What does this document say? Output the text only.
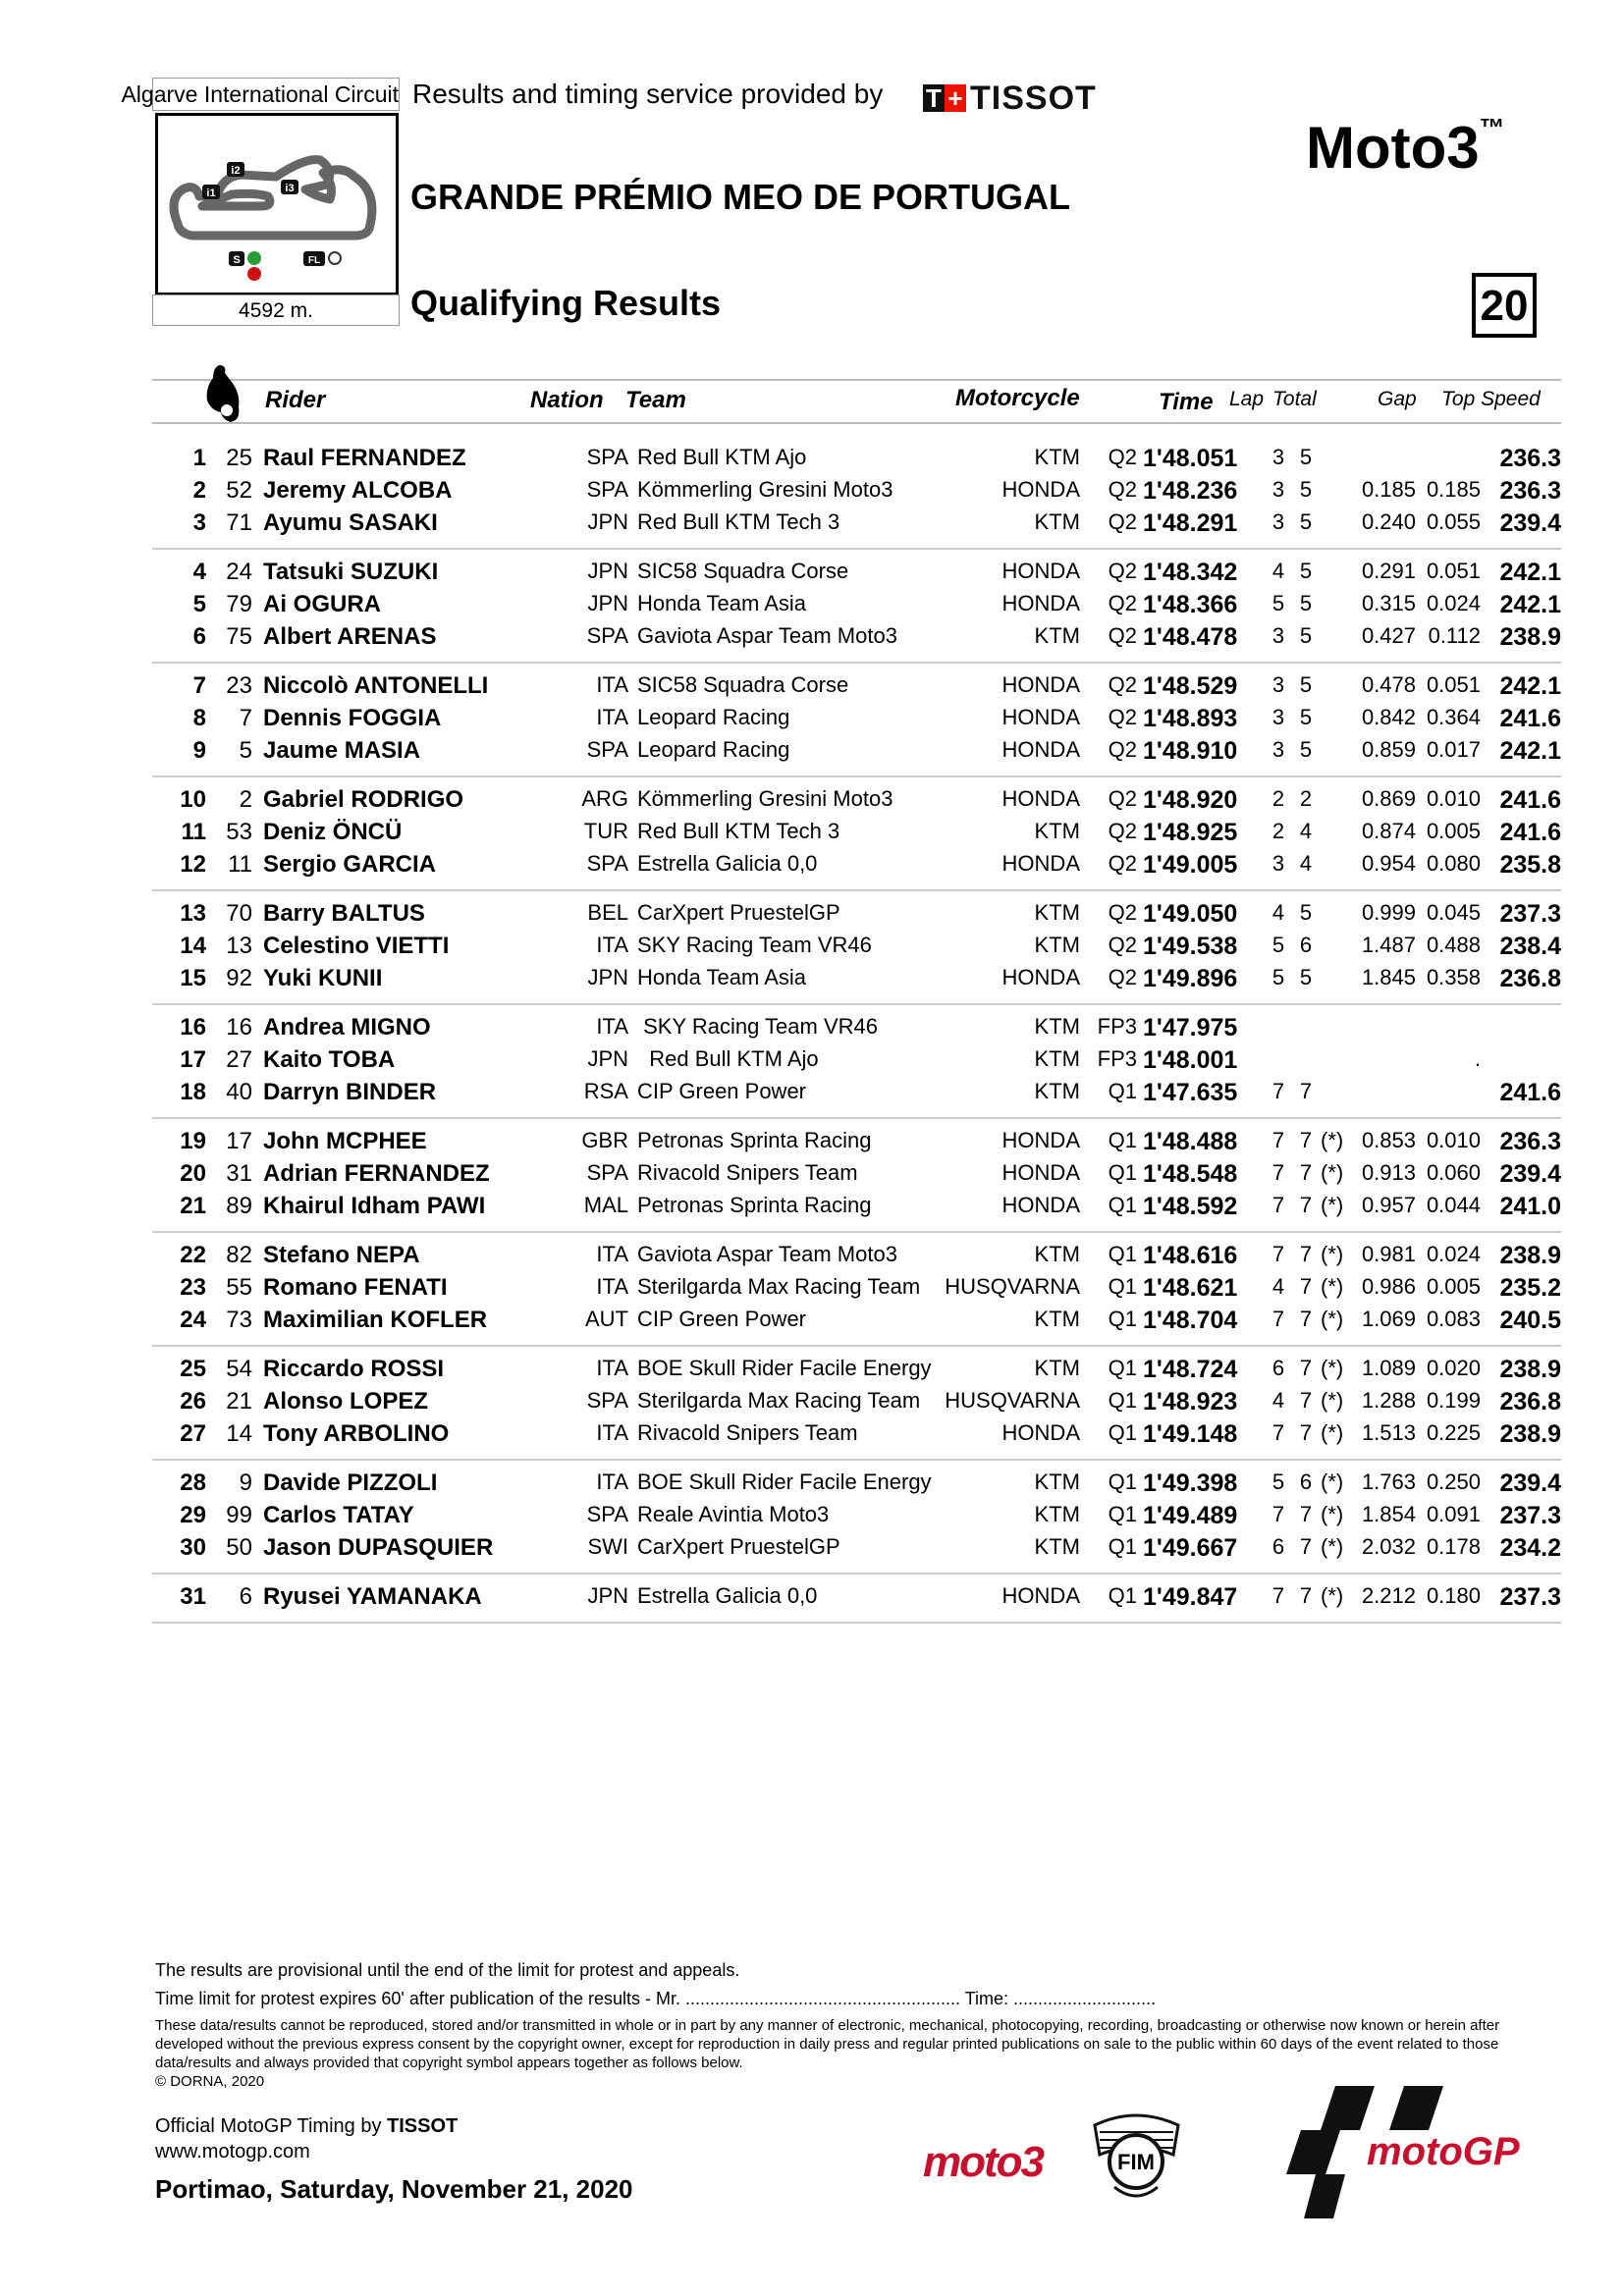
Algarve International Circuit
i2
i1	i3
S	FL
4592 m.
Results and timing service provided by T + TISSOT
Moto3™
GRANDE PRÉMIO MEO DE PORTUGAL
Qualifying Results	20
Rider	Nation Team	Motorcycle	Time Lap Total	Gap Top Speed
1 25 Raul FERNANDEZ	SPA Red Bull KTM Ajo	KTM	Q2 1'48.051 3 5	236.3
2 52 Jeremy ALCOBA	SPA Kömmerling Gresini Moto3	HONDA	Q2 1'48.236 3 5	0.185 0.185 236.3
3 71 Ayumu SASAKI	JPN Red Bull KTM Tech 3	KTM	Q2 1'48.291 3 5	0.240 0.055 239.4
4 24 Tatsuki SUZUKI	JPN SIC58 Squadra Corse	HONDA	Q2 1'48.342 4 5	0.291 0.051 242.1
5 79 Ai OGURA	JPN Honda Team Asia	HONDA	Q2 1'48.366 5 5	0.315 0.024 242.1
6 75 Albert ARENAS	SPA Gaviota Aspar Team Moto3	KTM	Q2 1'48.478 3 5	0.427 0.112 238.9
7 23 Niccolò ANTONELLI	ITA SIC58 Squadra Corse	HONDA	Q2 1'48.529 3 5	0.478 0.051 242.1
8	7 Dennis FOGGIA	ITA Leopard Racing	HONDA	Q2 1'48.893 3 5	0.842 0.364 241.6
9	5 Jaume MASIA	SPA Leopard Racing	HONDA	Q2 1'48.910 3 5	0.859 0.017 242.1
10	2 Gabriel RODRIGO	ARG Kömmerling Gresini Moto3	HONDA	Q2 1'48.920 2 2	0.869 0.010 241.6
11 53 Deniz ÖNCÜ	TUR Red Bull KTM Tech 3	KTM	Q2 1'48.925 2 4	0.874 0.005 241.6
12 11 Sergio GARCIA	SPA Estrella Galicia 0,0	HONDA	Q2 1'49.005 3 4	0.954 0.080 235.8
13 70 Barry BALTUS	BEL CarXpert PruestelGP	KTM	Q2 1'49.050 4 5	0.999 0.045 237.3
14 13 Celestino VIETTI	ITA SKY Racing Team VR46	KTM	Q2 1'49.538 5 6	1.487 0.488 238.4
15 92 Yuki KUNII	JPN Honda Team Asia	HONDA	Q2 1'49.896 5 5	1.845 0.358 236.8
16 16 Andrea MIGNO	ITA SKY Racing Team VR46	KTM FP3 1'47.975
17 27 Kaito TOBA	JPN Red Bull KTM Ajo	KTM FP3 1'48.001	.
18 40 Darryn BINDER	RSA CIP Green Power	KTM	Q1 1'47.635 7 7	241.6
19 17 John MCPHEE	GBR Petronas Sprinta Racing	HONDA	Q1 1'48.488 7 7 (*) 0.853 0.010 236.3
20 31 Adrian FERNANDEZ	SPA Rivacold Snipers Team	HONDA	Q1 1'48.548 7 7 (*) 0.913 0.060 239.4
21 89 Khairul Idham PAWI	MAL Petronas Sprinta Racing	HONDA	Q1 1'48.592 7 7 (*) 0.957 0.044 241.0
22 82 Stefano NEPA	ITA Gaviota Aspar Team Moto3	KTM	Q1 1'48.616 7 7 (*) 0.981 0.024 238.9
23 55 Romano FENATI	ITA Sterilgarda Max Racing Team	HUSQVARNA	Q1 1'48.621 4 7 (*) 0.986 0.005 235.2
24 73 Maximilian KOFLER	AUT CIP Green Power	KTM	Q1 1'48.704 7 7 (*) 1.069 0.083 240.5
25 54 Riccardo ROSSI	ITA BOE Skull Rider Facile Energy	KTM	Q1 1'48.724 6 7 (*) 1.089 0.020 238.9
26 21 Alonso LOPEZ	SPA Sterilgarda Max Racing Team	HUSQVARNA	Q1 1'48.923 4 7 (*) 1.288 0.199 236.8
27 14 Tony ARBOLINO	ITA Rivacold Snipers Team	HONDA	Q1 1'49.148 7 7 (*) 1.513 0.225 238.9
28	9 Davide PIZZOLI	ITA BOE Skull Rider Facile Energy	KTM	Q1 1'49.398 5 6 (*) 1.763 0.250 239.4
29 99 Carlos TATAY	SPA Reale Avintia Moto3	KTM	Q1 1'49.489 7 7 (*) 1.854 0.091 237.3
30 50 Jason DUPASQUIER	SWI CarXpert PruestelGP	KTM	Q1 1'49.667 6 7 (*) 2.032 0.178 234.2
31	6 Ryusei YAMANAKA	JPN Estrella Galicia 0,0	HONDA	Q1 1'49.847 7 7 (*) 2.212 0.180 237.3
The results are provisional until the end of the limit for protest and appeals.
Time limit for protest expires 60' after publication of the results - Mr. ........................................................ Time: .............................
These data/results cannot be reproduced, stored and/or transmitted in whole or in part by any manner of electronic, mechanical, photocopying, recording, broadcasting or otherwise now known or herein after developed without the previous express consent by the copyright owner, except for reproduction in daily press and regular printed publications on sale to the public within 60 days of the event related to those data/results and always provided that copyright symbol appears together as follows below.
© DORNA, 2020
Official MotoGP Timing by TISSOT
www.motogp.com
Portimao, Saturday, November 21, 2020
moto3	FIM	motoGP
